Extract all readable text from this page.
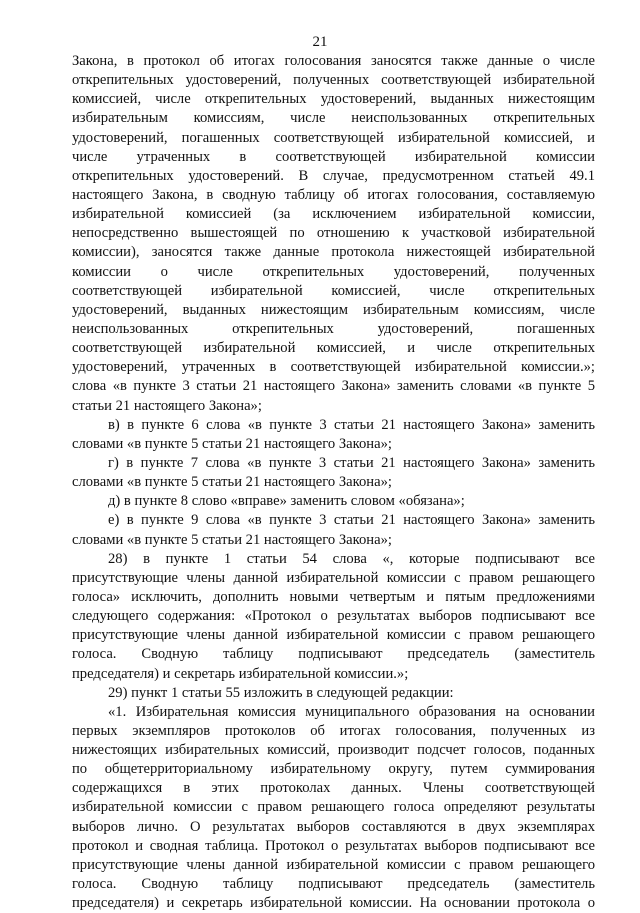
21
Закона, в протокол об итогах голосования заносятся также данные о числе
открепительных удостоверений, полученных соответствующей избирательной
комиссией, числе открепительных удостоверений, выданных нижестоящим
избирательным комиссиям, числе неиспользованных открепительных
удостоверений, погашенных соответствующей избирательной комиссией, и
числе утраченных в соответствующей избирательной комиссии
открепительных удостоверений. В случае, предусмотренном статьей 49.1
настоящего Закона, в сводную таблицу об итогах голосования, составляемую
избирательной комиссией (за исключением избирательной комиссии,
непосредственно вышестоящей по отношению к участковой избирательной
комиссии), заносятся также данные протокола нижестоящей избирательной
комиссии о числе открепительных удостоверений, полученных
соответствующей избирательной комиссией, числе открепительных
удостоверений, выданных нижестоящим избирательным комиссиям, числе
неиспользованных открепительных удостоверений, погашенных
соответствующей избирательной комиссией, и числе открепительных
удостоверений, утраченных в соответствующей избирательной комиссии.»;
слова «в пункте 3 статьи 21 настоящего Закона» заменить словами «в пункте 5
статьи 21 настоящего Закона»;
в) в пункте 6 слова «в пункте 3 статьи 21 настоящего Закона» заменить
словами «в пункте 5 статьи 21 настоящего Закона»;
г) в пункте 7 слова «в пункте 3 статьи 21 настоящего Закона» заменить
словами «в пункте 5 статьи 21 настоящего Закона»;
д) в пункте 8 слово «вправе» заменить словом «обязана»;
е) в пункте 9 слова «в пункте 3 статьи 21 настоящего Закона» заменить
словами «в пункте 5 статьи 21 настоящего Закона»;
28) в пункте 1 статьи 54 слова «, которые подписывают все
присутствующие члены данной избирательной комиссии с правом решающего
голоса» исключить, дополнить новыми четвертым и пятым предложениями
следующего содержания: «Протокол о результатах выборов подписывают все
присутствующие члены данной избирательной комиссии с правом решающего
голоса. Сводную таблицу подписывают председатель (заместитель
председателя) и секретарь избирательной комиссии.»;
29) пункт 1 статьи 55 изложить в следующей редакции:
«1. Избирательная комиссия муниципального образования на основании
первых экземпляров протоколов об итогах голосования, полученных из
нижестоящих избирательных комиссий, производит подсчет голосов, поданных
по общетерриториальному избирательному округу, путем суммирования
содержащихся в этих протоколах данных. Члены соответствующей
избирательной комиссии с правом решающего голоса определяют результаты
выборов лично. О результатах выборов составляются в двух экземплярах
протокол и сводная таблица. Протокол о результатах выборов подписывают все
присутствующие члены данной избирательной комиссии с правом решающего
голоса. Сводную таблицу подписывают председатель (заместитель
председателя) и секретарь избирательной комиссии. На основании протокола о
